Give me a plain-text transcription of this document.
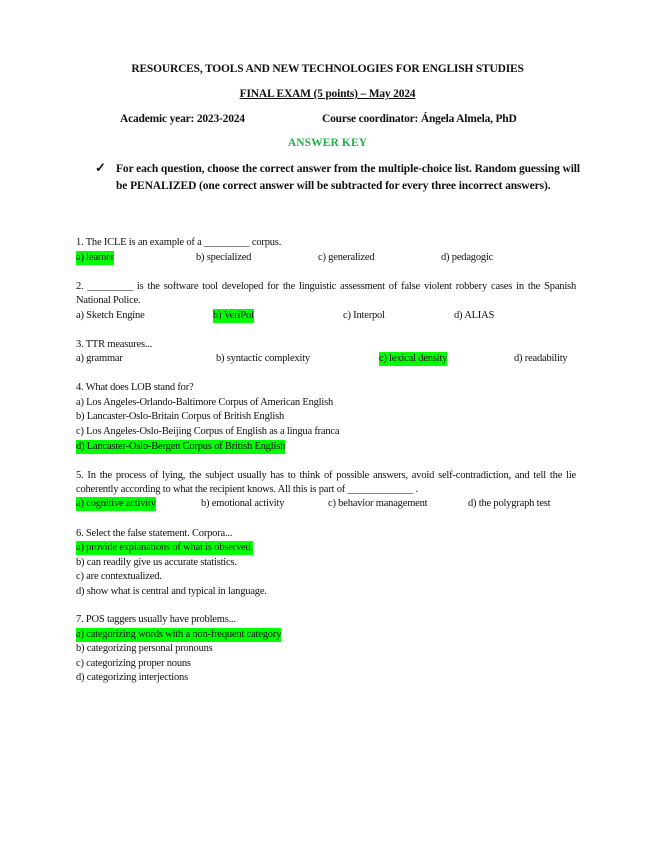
RESOURCES, TOOLS AND NEW TECHNOLOGIES FOR ENGLISH STUDIES
FINAL EXAM (5 points) – May 2024
Academic year: 2023-2024	Course coordinator: Ángela Almela, PhD
ANSWER KEY
✓ For each question, choose the correct answer from the multiple-choice list. Random guessing will be PENALIZED (one correct answer will be subtracted for every three incorrect answers).
1. The ICLE is an example of a _________ corpus.
a) learner	b) specialized	c) generalized	d) pedagogic
2. _________ is the software tool developed for the linguistic assessment of false violent robbery cases in the Spanish National Police.
a) Sketch Engine	b) VeriPol	c) Interpol	d) ALIAS
3. TTR measures...
a) grammar	b) syntactic complexity	c) lexical density	d) readability
4. What does LOB stand for?
a) Los Angeles-Orlando-Baltimore Corpus of American English
b) Lancaster-Oslo-Britain Corpus of British English
c) Los Angeles-Oslo-Beijing Corpus of English as a lingua franca
d) Lancaster-Oslo-Bergen Corpus of British English
5. In the process of lying, the subject usually has to think of possible answers, avoid self-contradiction, and tell the lie coherently according to what the recipient knows. All this is part of _____________ .
a) cognitive activity	b) emotional activity	c) behavior management	d) the polygraph test
6. Select the false statement. Corpora...
a) provide explanations of what is observed.
b) can readily give us accurate statistics.
c) are contextualized.
d) show what is central and typical in language.
7. POS taggers usually have problems...
a) categorizing words with a non-frequent category
b) categorizing personal pronouns
c) categorizing proper nouns
d) categorizing interjections
